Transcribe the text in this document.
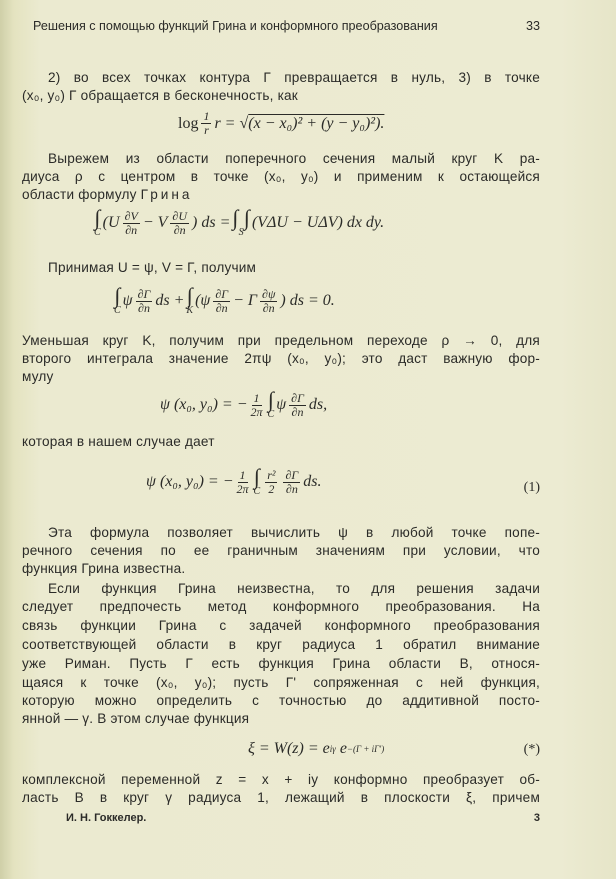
Решения с помощью функций Грина и конформного преобразования	33
2) во всех точках контура Г превращается в нуль, 3) в точке
(x₀, y₀) Г обращается в бесконечность, как
log 1
r r = √ (x − x₀)² + (y − y₀)²).
Вырежем из области поперечного сечения малый круг K ра-
диуса ρ с центром в точке (x₀, y₀) и применим к остающейся
области формулу Грина
∫
C
(U ∂V
∂n − V ∂U
∂n ) ds = ∫ ∫
S
(VΔU − UΔV) dx dy.
Принимая U = ψ, V = Γ, получим
∫
C
ψ ∂Γ
∂n ds + ∫
K
(ψ ∂Γ
∂n − Γ ∂ψ
∂n ) ds = 0.
Уменьшая круг K, получим при предельном переходе ρ → 0, для
второго интеграла значение 2πψ (x₀, y₀); это даст важную фор-
мулу
ψ (x₀, y₀) = − $\frac{1}{2\pi}$ ∫
C
ψ ∂Γ
∂n ds,
которая в нашем случае дает
ψ (x₀, y₀) = − $\frac{1}{2\pi}$ ∫
C
r²
2
∂Γ
∂n ds.	(1)
Эта формула позволяет вычислить ψ в любой точке попе-
речного сечения по ее граничным значениям при условии, что
функция Грина известна.
Если функция Грина неизвестна, то для решения задачи
следует предпочесть метод конформного преобразования. На
связь функции Грина с задачей конформного преобразования
соответствующей области в круг радиуса 1 обратил внимание
уже Риман. Пусть Г есть функция Грина области B, относя-
щаяся к точке (x₀, y₀); пусть Γ' сопряженная с ней функция,
которую можно определить с точностью до аддитивной посто-
янной — γ. В этом случае функция
ξ = W(z) = e iγ
e −(Γ + iΓ')	(*)
комплексной переменной z = x + iy конформно преобразует об-
ласть B в круг γ радиуса 1, лежащий в плоскости ξ, причем
И. Н. Гоккелер.	3
